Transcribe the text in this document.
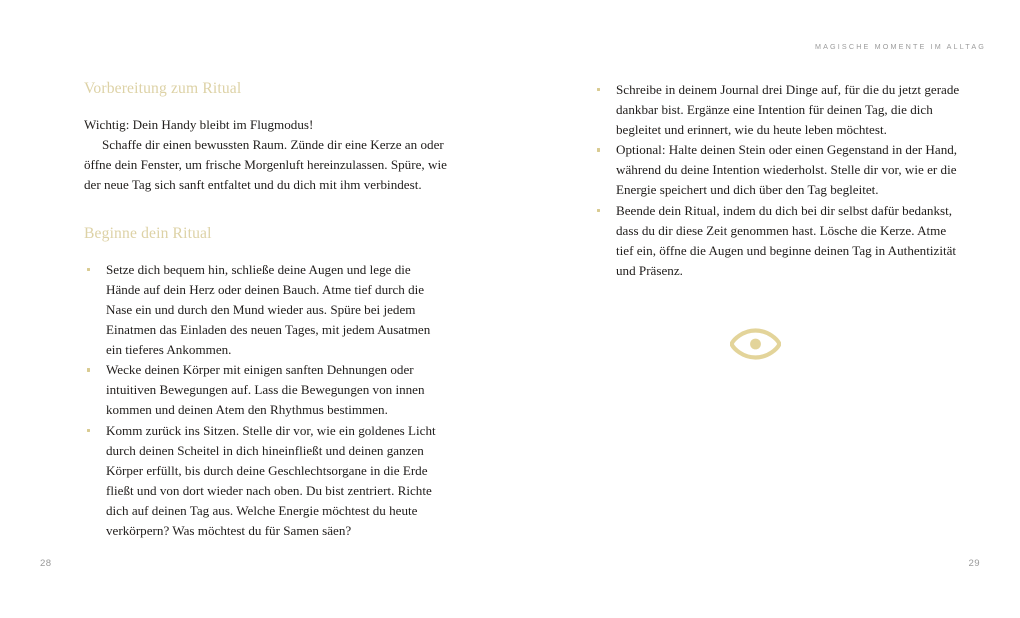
MAGISCHE MOMENTE IM ALLTAG
Vorbereitung zum Ritual

Wichtig: Dein Handy bleibt im Flugmodus!

Schaffe dir einen bewussten Raum. Zünde dir eine Kerze an oder öffne dein Fenster, um frische Morgenluft hereinzulassen. Spüre, wie der neue Tag sich sanft entfaltet und du dich mit ihm verbindest.

Beginne dein Ritual
Setze dich bequem hin, schließe deine Augen und lege die Hände auf dein Herz oder deinen Bauch. Atme tief durch die Nase ein und durch den Mund wieder aus. Spüre bei jedem Einatmen das Einladen des neuen Tages, mit jedem Ausatmen ein tieferes Ankommen.
Wecke deinen Körper mit einigen sanften Dehnungen oder intuitiven Bewegungen auf. Lass die Bewegungen von innen kommen und deinen Atem den Rhythmus bestimmen.
Komm zurück ins Sitzen. Stelle dir vor, wie ein goldenes Licht durch deinen Scheitel in dich hineinfließt und deinen ganzen Körper erfüllt, bis durch deine Geschlechtsorgane in die Erde fließt und von dort wieder nach oben. Du bist zentriert. Richte dich auf deinen Tag aus. Welche Energie möchtest du heute verkörpern? Was möchtest du für Samen säen?
Schreibe in deinem Journal drei Dinge auf, für die du jetzt gerade dankbar bist. Ergänze eine Intention für deinen Tag, die dich begleitet und erinnert, wie du heute leben möchtest.
Optional: Halte deinen Stein oder einen Gegenstand in der Hand, während du deine Intention wiederholst. Stelle dir vor, wie er die Energie speichert und dich über den Tag begleitet.
Beende dein Ritual, indem du dich bei dir selbst dafür bedankst, dass du dir diese Zeit genommen hast. Lösche die Kerze. Atme tief ein, öffne die Augen und beginne deinen Tag in Authentizität und Präsenz.
28	29
